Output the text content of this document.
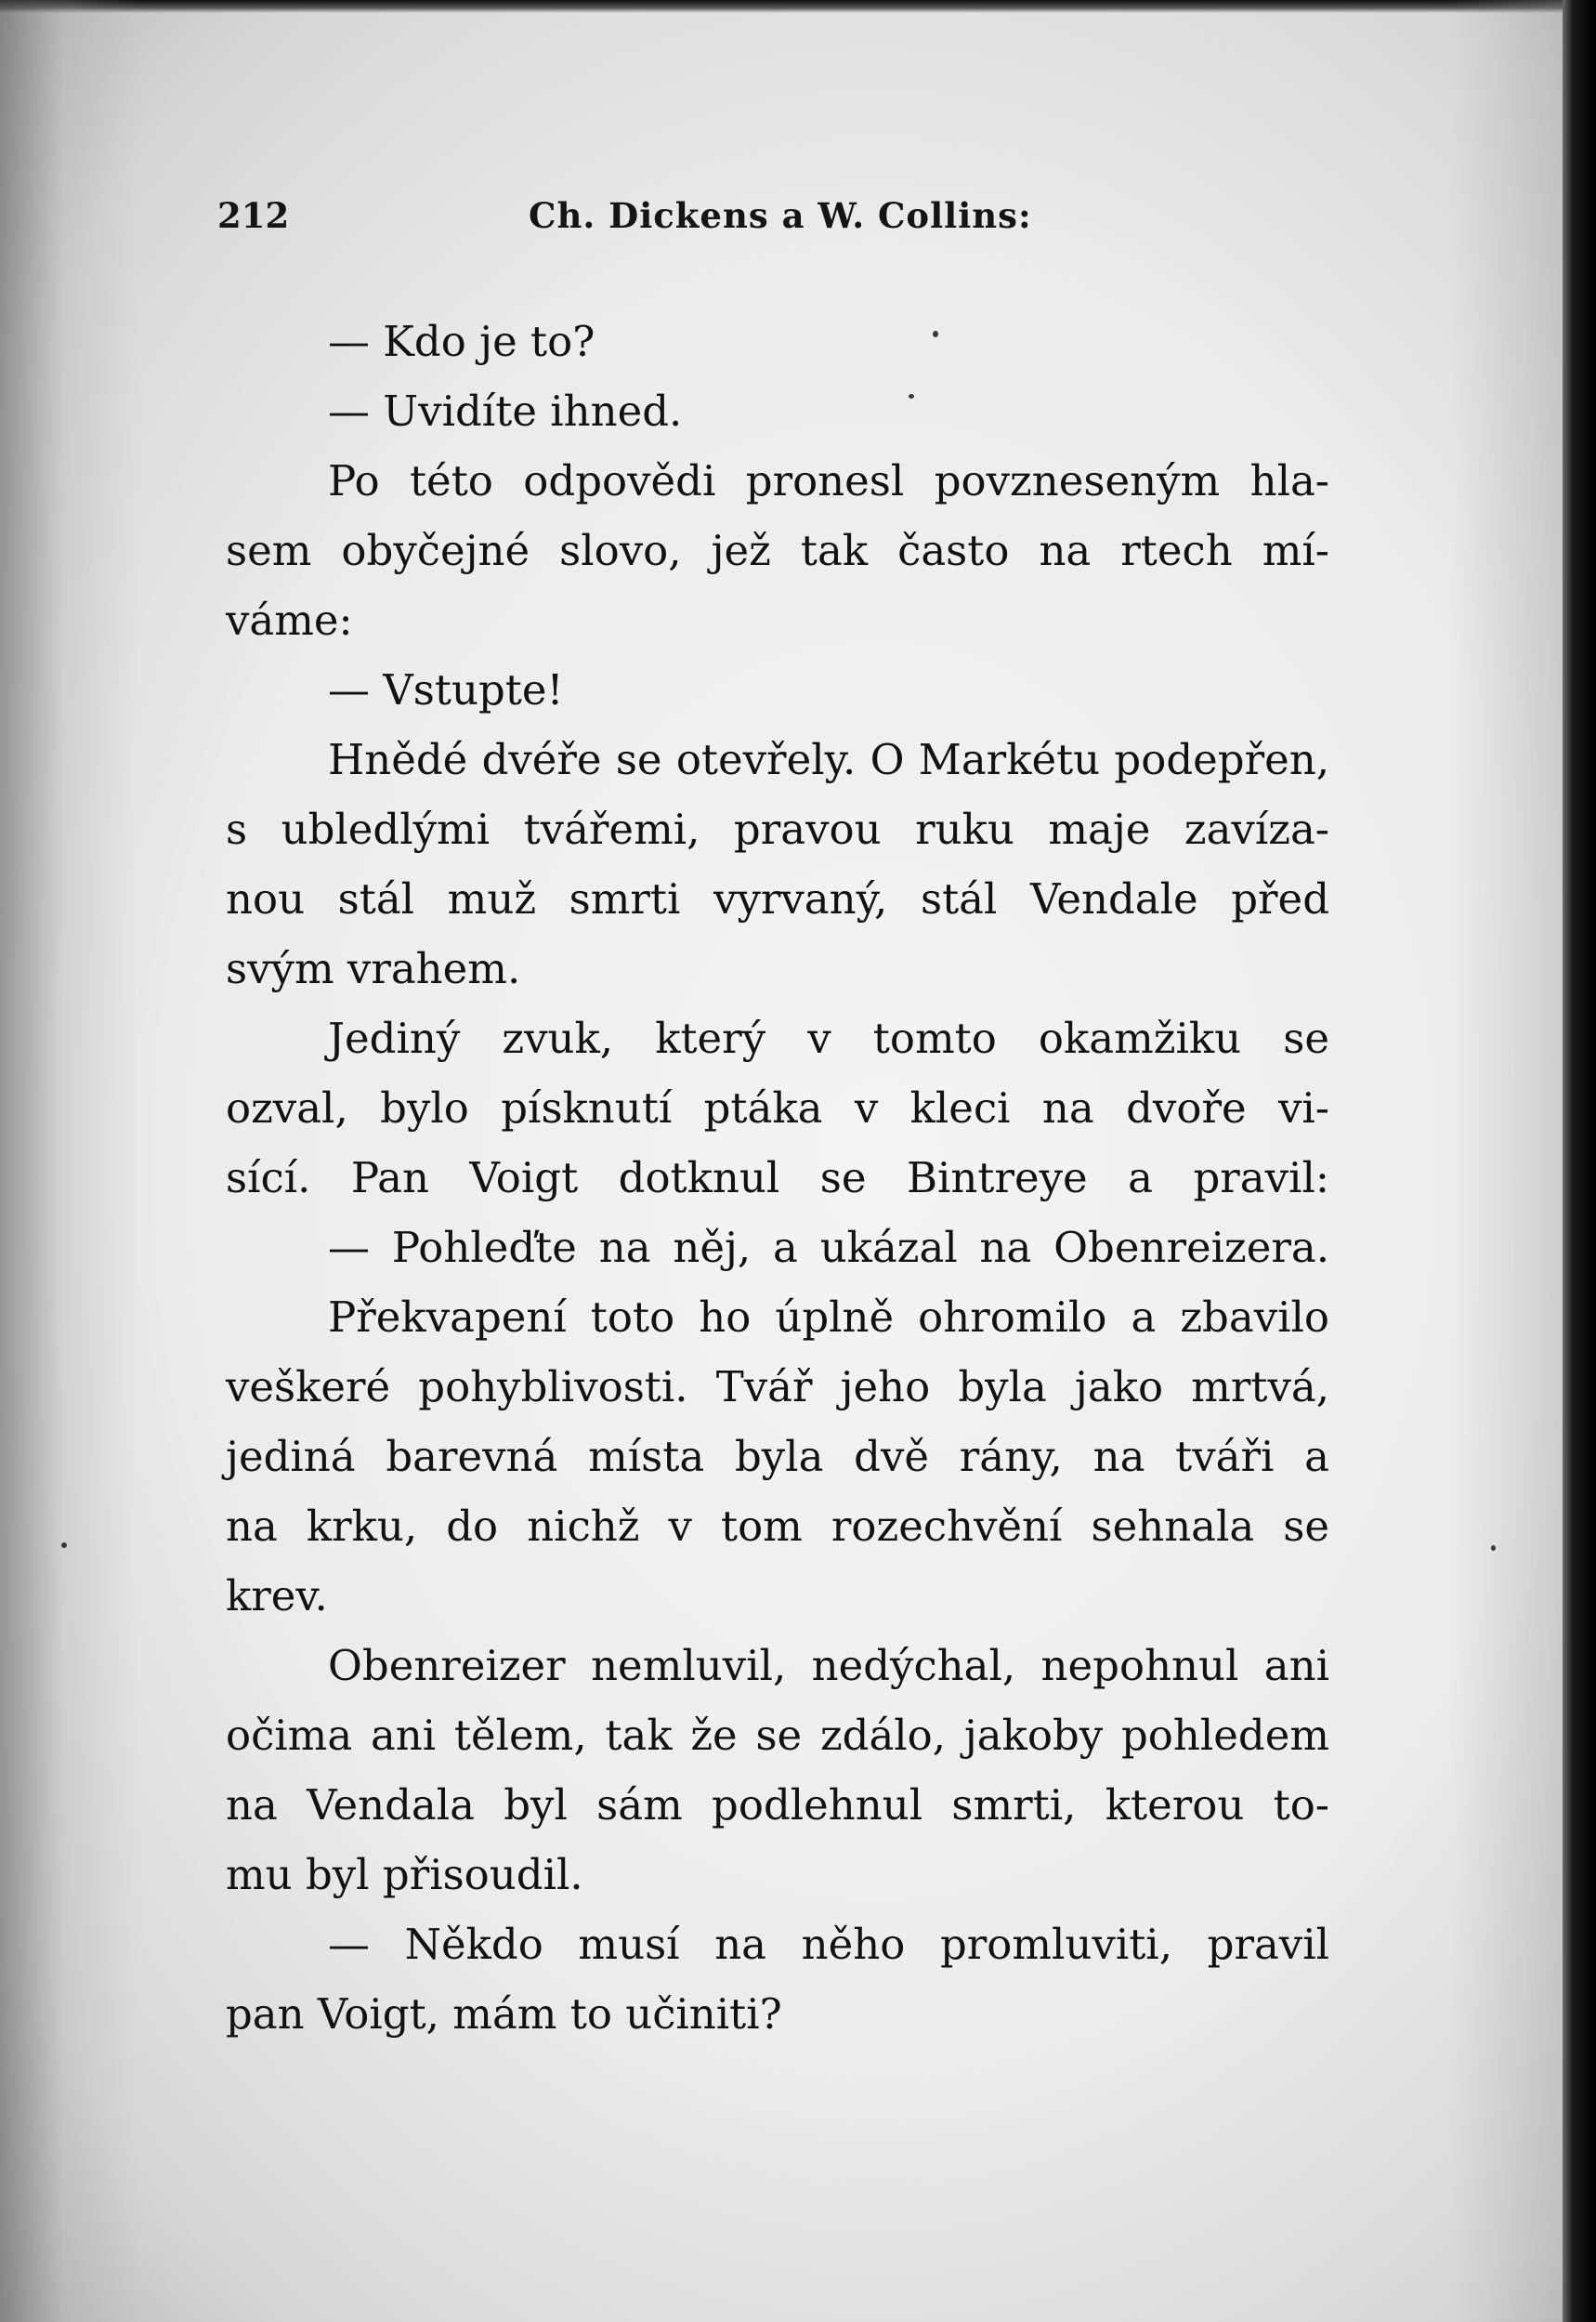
212	Ch. Dickens a W. Collins:
— Kdo je to?
— Uvidíte ihned.
Po této odpovědi pronesl povzneseným hla-
sem obyčejné slovo, jež tak často na rtech mí-
váme:
— Vstupte!
Hnědé dvéře se otevřely. O Markétu podepřen,
s ubledlými tvářemi, pravou ruku maje zavíza-
nou stál muž smrti vyrvaný, stál Vendale před
svým vrahem.
Jediný zvuk, který v tomto okamžiku se
ozval, bylo písknutí ptáka v kleci na dvoře vi-
sící. Pan Voigt dotknul se Bintreye a pravil:
— Pohleďte na něj, a ukázal na Obenreizera.
Překvapení toto ho úplně ohromilo a zbavilo
veškeré pohyblivosti. Tvář jeho byla jako mrtvá,
jediná barevná místa byla dvě rány, na tváři a
na krku, do nichž v tom rozechvění sehnala se
krev.
Obenreizer nemluvil, nedýchal, nepohnul ani
očima ani tělem, tak že se zdálo, jakoby pohledem
na Vendala byl sám podlehnul smrti, kterou to-
mu byl přisoudil.
— Někdo musí na něho promluviti, pravil
pan Voigt, mám to učiniti?
